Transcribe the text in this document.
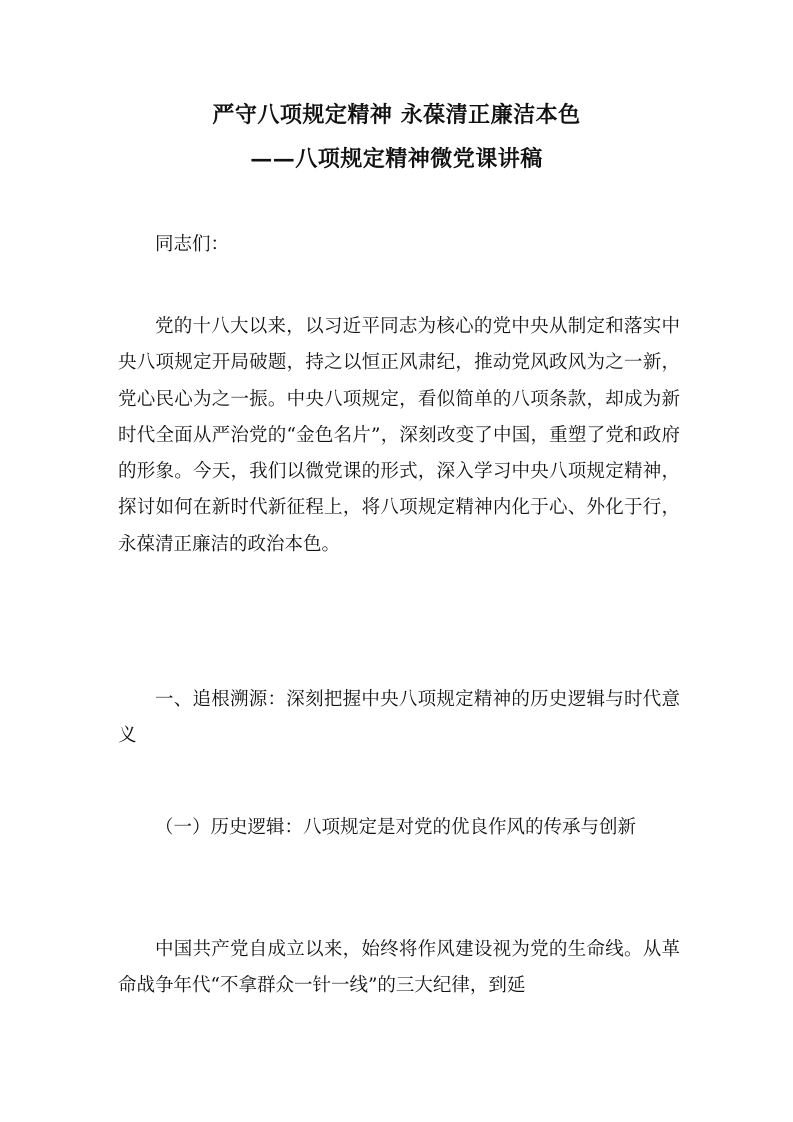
严守八项规定精神 永葆清正廉洁本色
——八项规定精神微党课讲稿

同志们：

党的十八大以来，以习近平同志为核心的党中央从制定和落实中央八项规定开局破题，持之以恒正风肃纪，推动党风政风为之一新，党心民心为之一振。中央八项规定，看似简单的八项条款，却成为新时代全面从严治党的“金色名片”，深刻改变了中国，重塑了党和政府的形象。今天，我们以微党课的形式，深入学习中央八项规定精神，探讨如何在新时代新征程上，将八项规定精神内化于心、外化于行，永葆清正廉洁的政治本色。

一、追根溯源：深刻把握中央八项规定精神的历史逻辑与时代意义

（一）历史逻辑：八项规定是对党的优良作风的传承与创新

中国共产党自成立以来，始终将作风建设视为党的生命线。从革命战争年代“不拿群众一针一线”的三大纪律，到延
